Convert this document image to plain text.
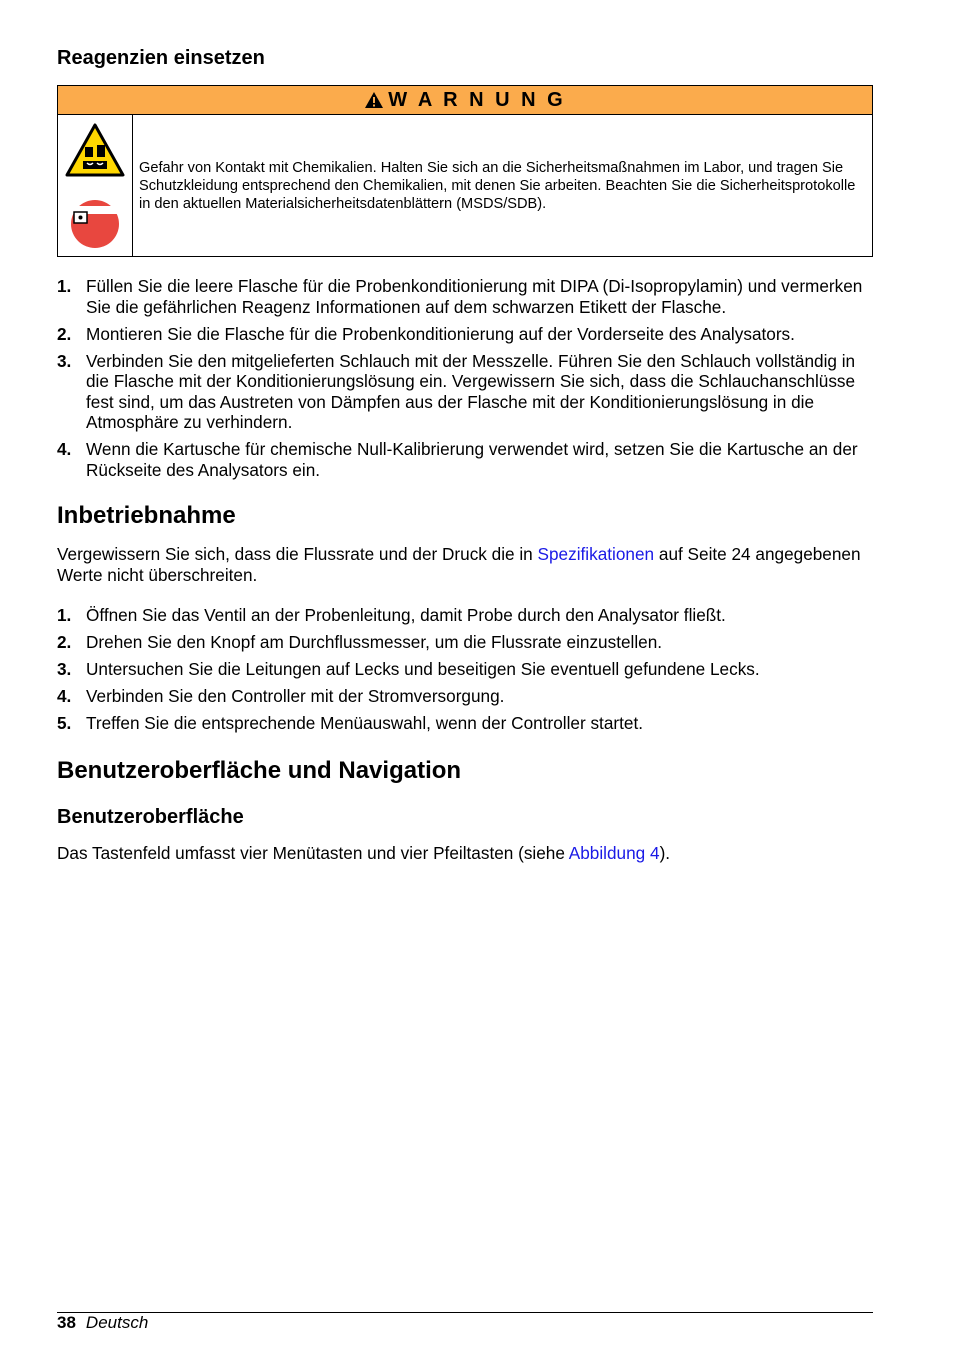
Reagenzien einsetzen
W A R N U N G
Gefahr von Kontakt mit Chemikalien. Halten Sie sich an die Sicherheitsmaßnahmen im Labor, und tragen Sie Schutzkleidung entsprechend den Chemikalien, mit denen Sie arbeiten. Beachten Sie die Sicherheitsprotokolle in den aktuellen Materialsicherheitsdatenblättern (MSDS/SDB).
1. Füllen Sie die leere Flasche für die Probenkonditionierung mit DIPA (Di-Isopropylamin) und vermerken Sie die gefährlichen Reagenz Informationen auf dem schwarzen Etikett der Flasche.
2. Montieren Sie die Flasche für die Probenkonditionierung auf der Vorderseite des Analysators.
3. Verbinden Sie den mitgelieferten Schlauch mit der Messzelle. Führen Sie den Schlauch vollständig in die Flasche mit der Konditionierungslösung ein. Vergewissern Sie sich, dass die Schlauchanschlüsse fest sind, um das Austreten von Dämpfen aus der Flasche mit der Konditionierungslösung in die Atmosphäre zu verhindern.
4. Wenn die Kartusche für chemische Null-Kalibrierung verwendet wird, setzen Sie die Kartusche an der Rückseite des Analysators ein.
Inbetriebnahme

Vergewissern Sie sich, dass die Flussrate und der Druck die in Spezifikationen auf Seite 24 angegebenen Werte nicht überschreiten.

1. Öffnen Sie das Ventil an der Probenleitung, damit Probe durch den Analysator fließt.
2. Drehen Sie den Knopf am Durchflussmesser, um die Flussrate einzustellen.
3. Untersuchen Sie die Leitungen auf Lecks und beseitigen Sie eventuell gefundene Lecks.
4. Verbinden Sie den Controller mit der Stromversorgung.
5. Treffen Sie die entsprechende Menüauswahl, wenn der Controller startet.
Benutzeroberfläche und Navigation
Benutzeroberfläche

Das Tastenfeld umfasst vier Menütasten und vier Pfeiltasten (siehe Abbildung 4).

38 Deutsch
